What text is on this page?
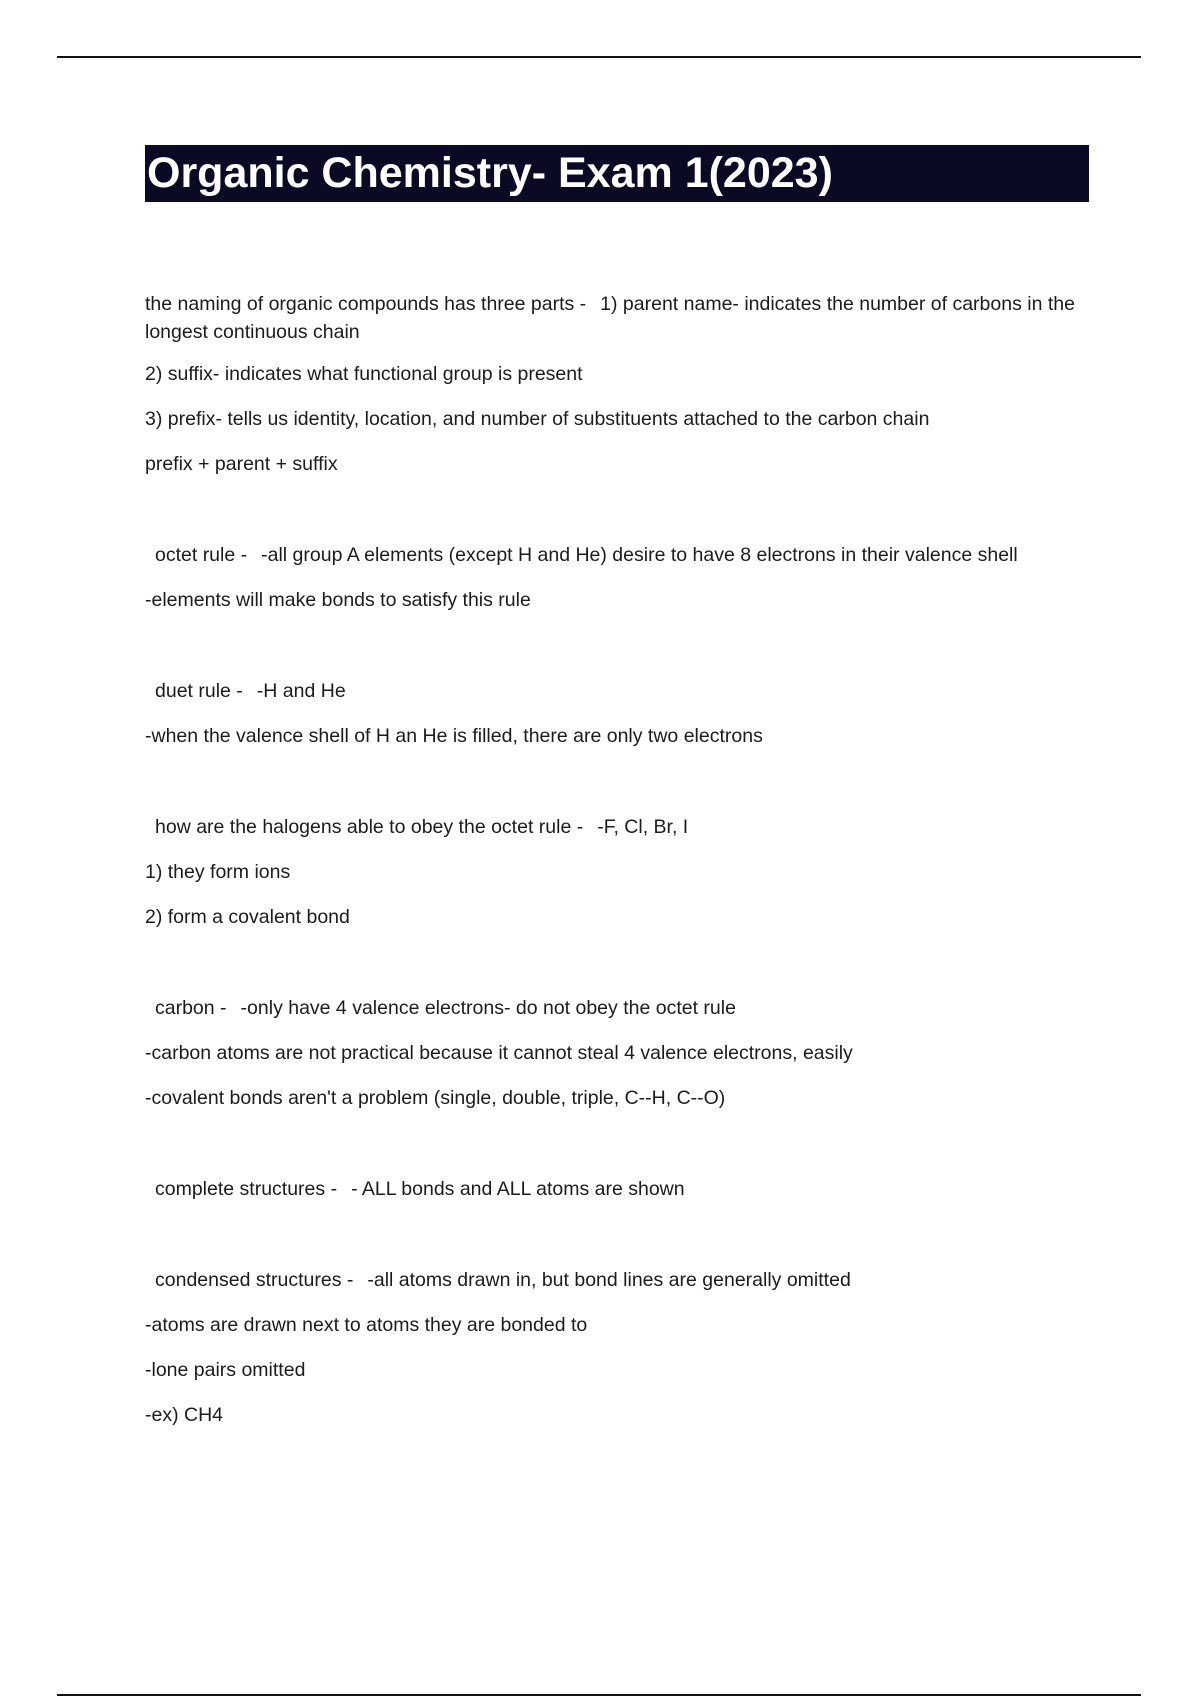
Organic Chemistry- Exam 1(2023)
the naming of organic compounds has three parts - 1) parent name- indicates the number of carbons in the longest continuous chain
2) suffix- indicates what functional group is present
3) prefix- tells us identity, location, and number of substituents attached to the carbon chain
prefix + parent + suffix
octet rule - -all group A elements (except H and He) desire to have 8 electrons in their valence shell
-elements will make bonds to satisfy this rule
duet rule - -H and He
-when the valence shell of H an He is filled, there are only two electrons
how are the halogens able to obey the octet rule - -F, Cl, Br, I
1) they form ions
2) form a covalent bond
carbon - -only have 4 valence electrons- do not obey the octet rule
-carbon atoms are not practical because it cannot steal 4 valence electrons, easily
-covalent bonds aren't a problem (single, double, triple, C--H, C--O)
complete structures - - ALL bonds and ALL atoms are shown
condensed structures - -all atoms drawn in, but bond lines are generally omitted
-atoms are drawn next to atoms they are bonded to
-lone pairs omitted
-ex) CH4
